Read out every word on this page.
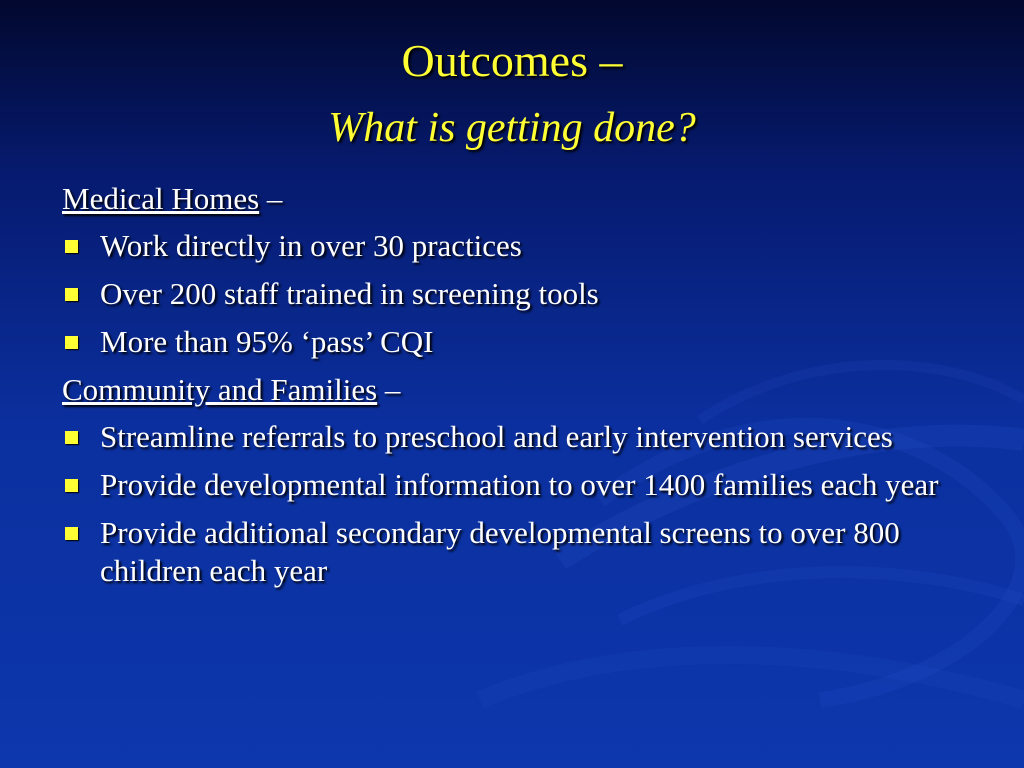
Outcomes –
What is getting done?
Medical Homes –
Work directly in over 30 practices
Over 200 staff trained in screening tools
More than 95% ‘pass’ CQI
Community and Families –
Streamline referrals to preschool and early intervention services
Provide developmental information to over 1400 families each year
Provide additional secondary developmental screens to over 800 children each year
